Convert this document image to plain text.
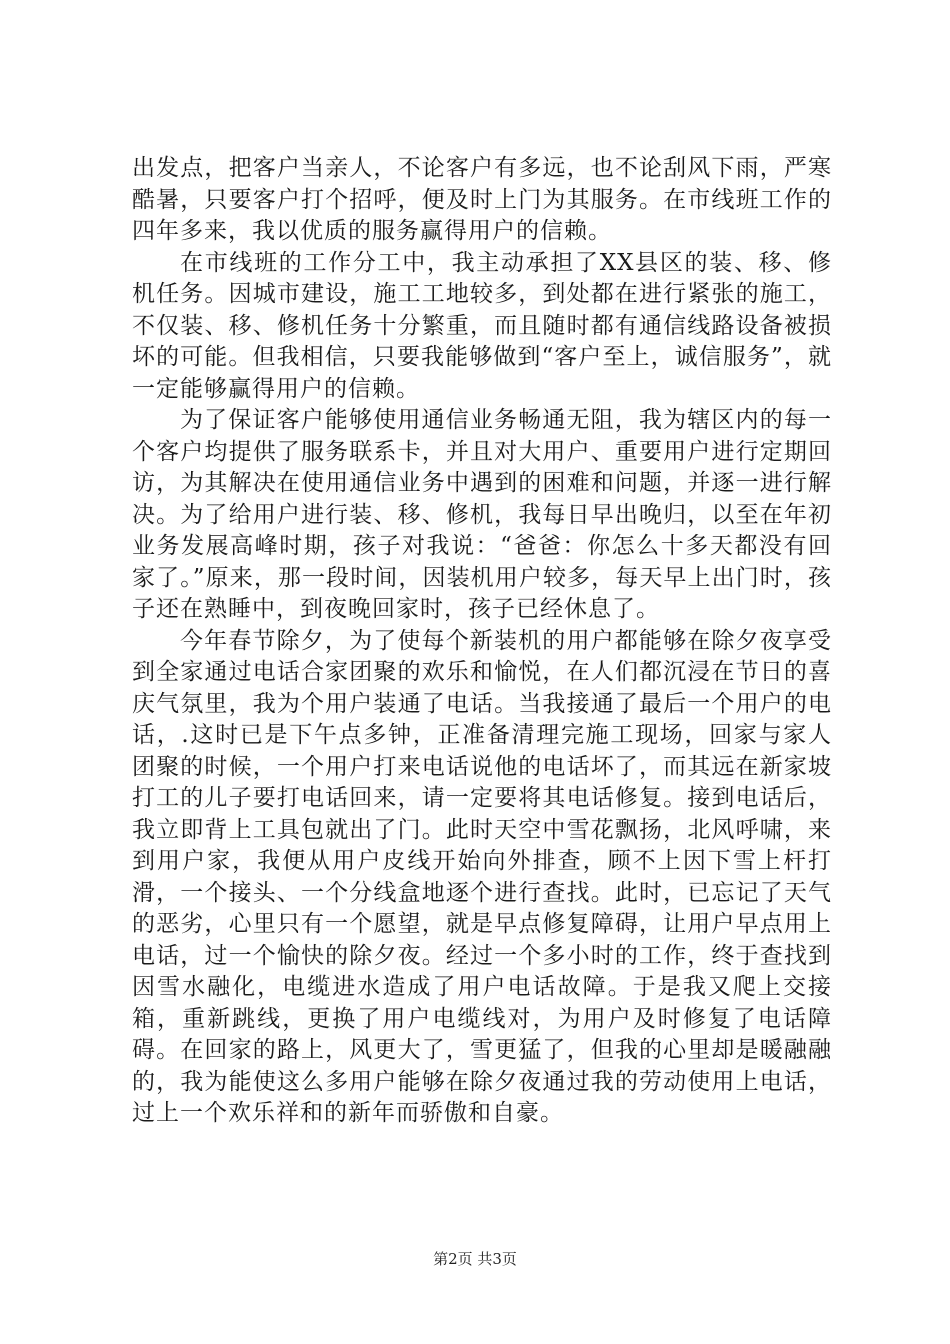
出发点，把客户当亲人，不论客户有多远，也不论刮风下雨，严寒酷暑，只要客户打个招呼，便及时上门为其服务。在市线班工作的四年多来，我以优质的服务赢得用户的信赖。

在市线班的工作分工中，我主动承担了XX县区的装、移、修机任务。因城市建设，施工工地较多，到处都在进行紧张的施工，不仅装、移、修机任务十分繁重，而且随时都有通信线路设备被损坏的可能。但我相信，只要我能够做到“客户至上，诚信服务”，就一定能够赢得用户的信赖。

为了保证客户能够使用通信业务畅通无阻，我为辖区内的每一个客户均提供了服务联系卡，并且对大用户、重要用户进行定期回访，为其解决在使用通信业务中遇到的困难和问题，并逐一进行解决。为了给用户进行装、移、修机，我每日早出晚归，以至在年初业务发展高峰时期，孩子对我说：“爸爸：你怎么十多天都没有回家了。”原来，那一段时间，因装机用户较多，每天早上出门时，孩子还在熟睡中，到夜晚回家时，孩子已经休息了。

今年春节除夕，为了使每个新装机的用户都能够在除夕夜享受到全家通过电话合家团聚的欢乐和愉悦，在人们都沉浸在节日的喜庆气氛里，我为个用户装通了电话。当我接通了最后一个用户的电话，.这时已是下午点多钟，正准备清理完施工现场，回家与家人团聚的时候，一个用户打来电话说他的电话坏了，而其远在新家坡打工的儿子要打电话回来，请一定要将其电话修复。接到电话后，我立即背上工具包就出了门。此时天空中雪花飘扬，北风呼啸，来到用户家，我便从用户皮线开始向外排查，顾不上因下雪上杆打滑，一个接头、一个分线盒地逐个进行查找。此时，已忘记了天气的恶劣，心里只有一个愿望，就是早点修复障碍，让用户早点用上电话，过一个愉快的除夕夜。经过一个多小时的工作，终于查找到因雪水融化，电缆进水造成了用户电话故障。于是我又爬上交接箱，重新跳线，更换了用户电缆线对，为用户及时修复了电话障碍。在回家的路上，风更大了，雪更猛了，但我的心里却是暖融融的，我为能使这么多用户能够在除夕夜通过我的劳动使用上电话，过上一个欢乐祥和的新年而骄傲和自豪。

第2页 共3页
